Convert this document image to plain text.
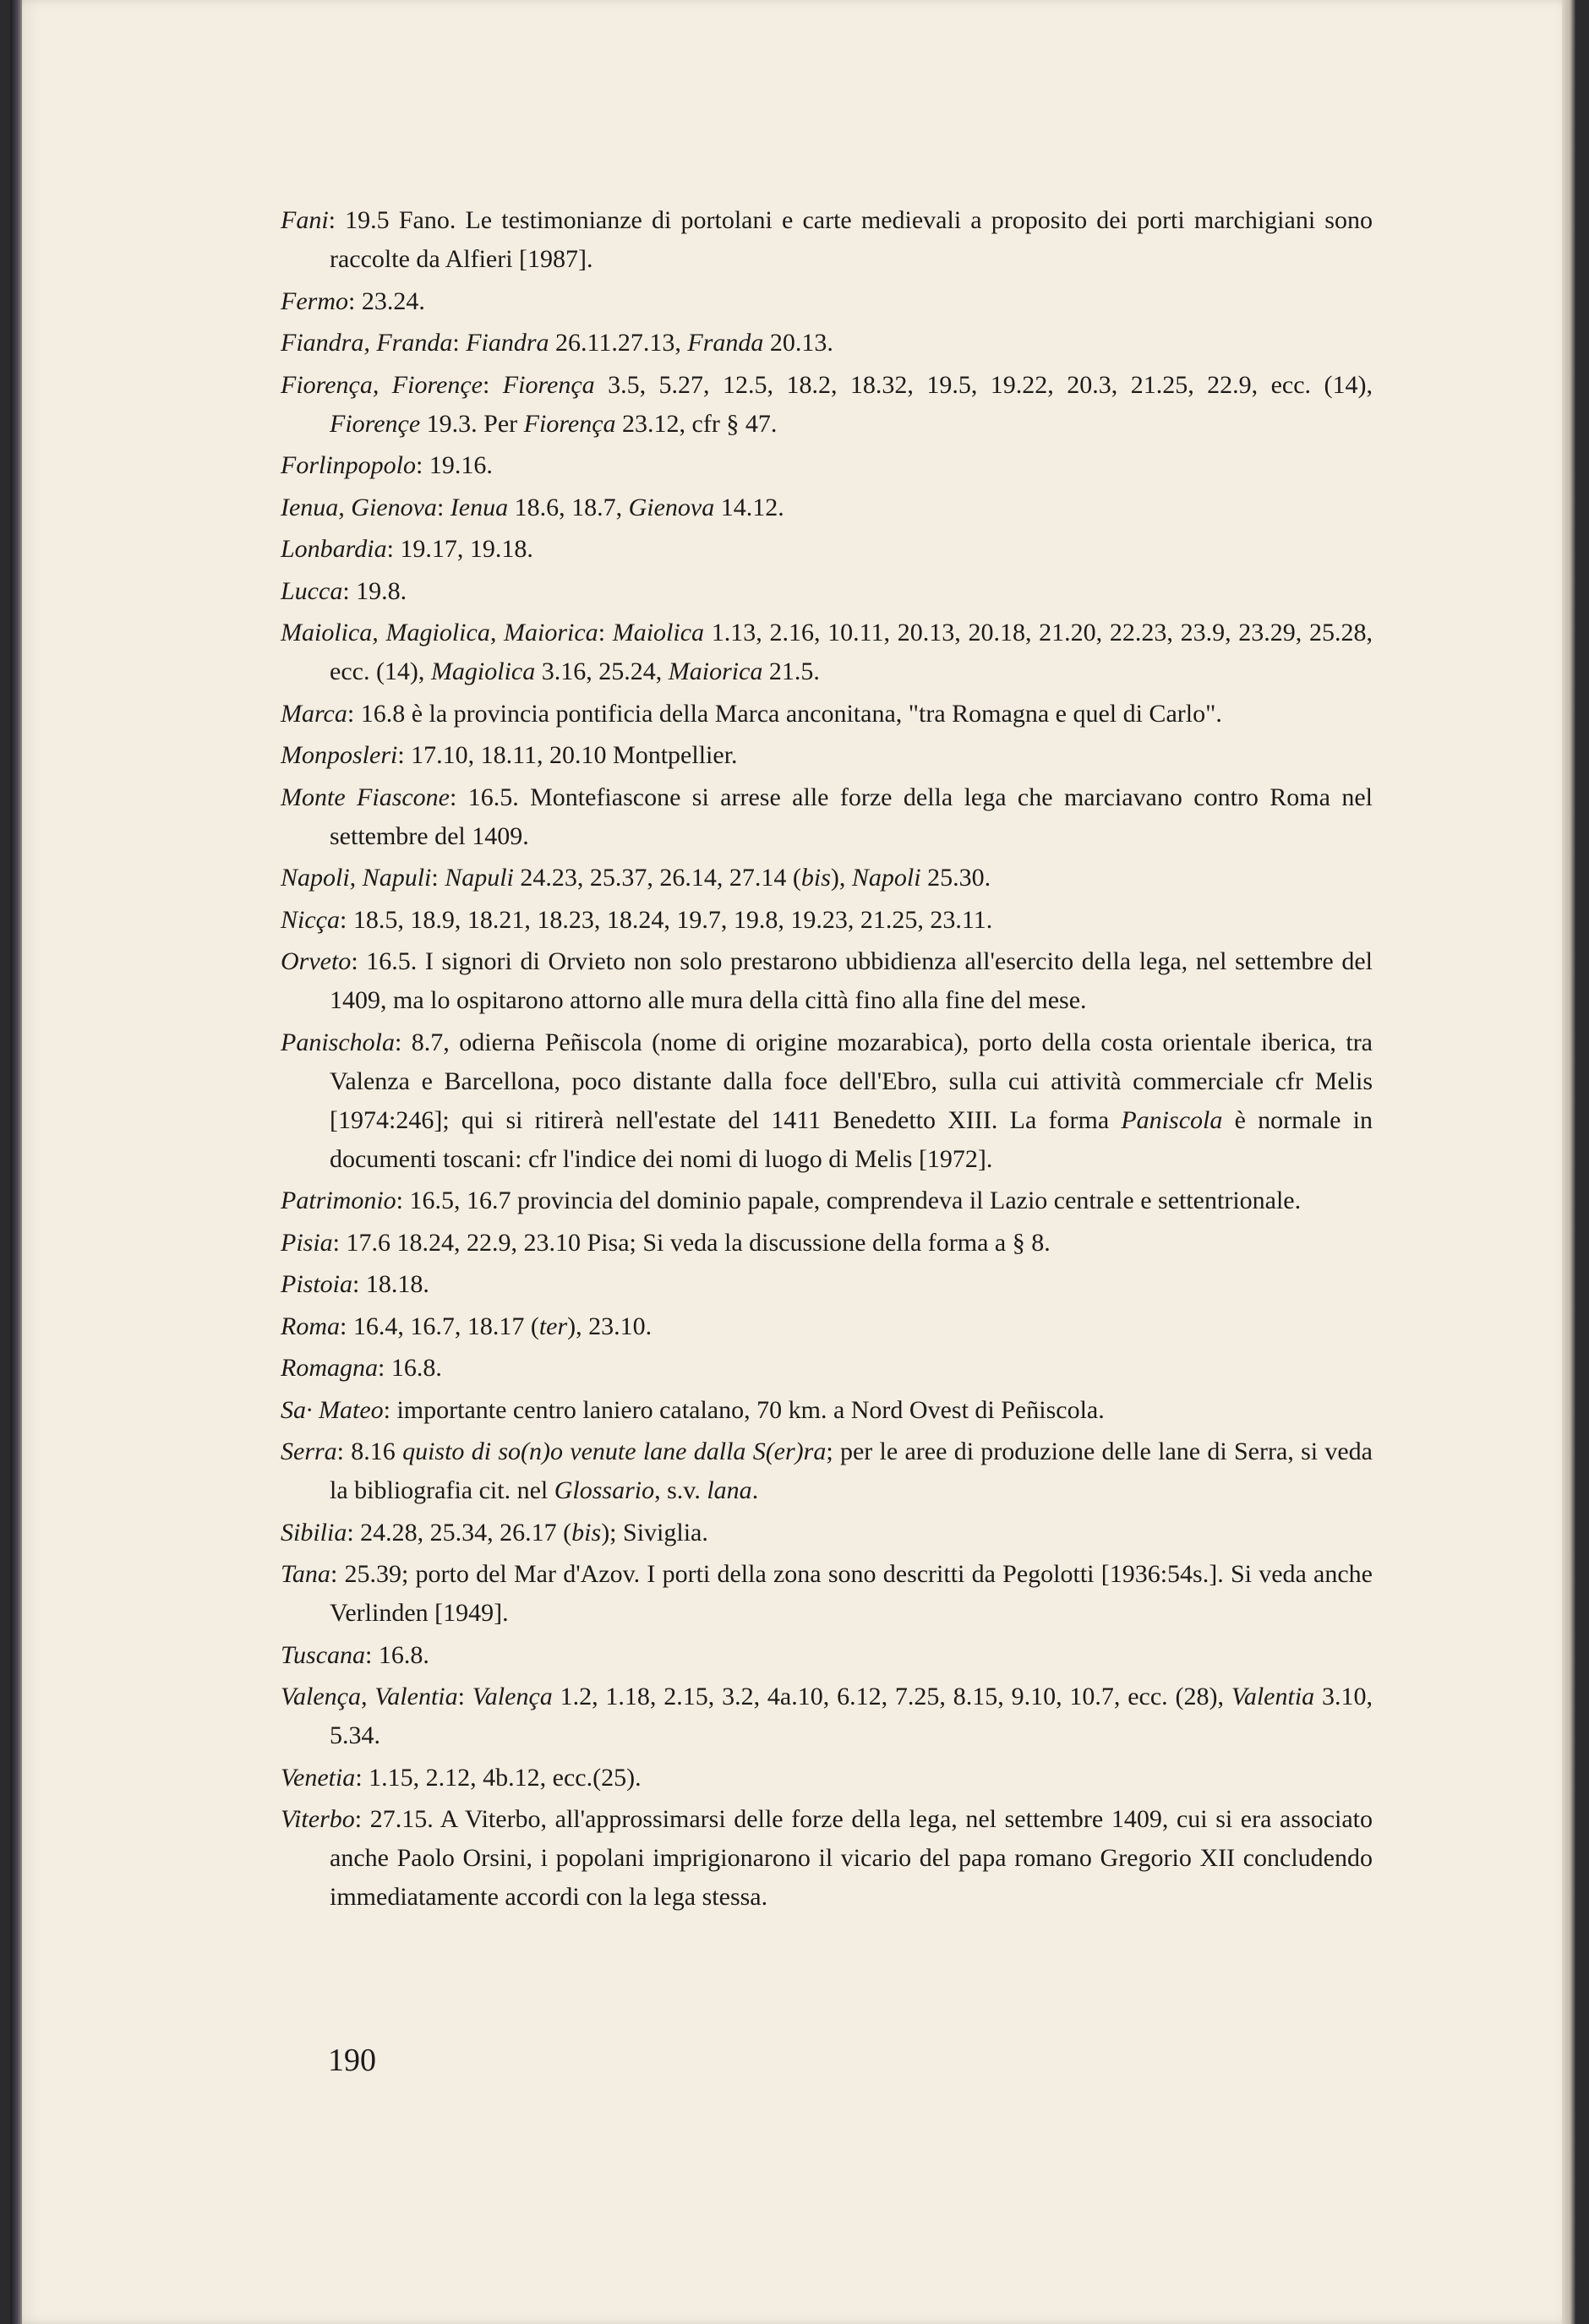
Fani: 19.5 Fano. Le testimonianze di portolani e carte medievali a proposito dei porti marchigiani sono raccolte da Alfieri [1987].

Fermo: 23.24.

Fiandra, Franda: Fiandra 26.11.27.13, Franda 20.13.

Fiorença, Fiorençe: Fiorença 3.5, 5.27, 12.5, 18.2, 18.32, 19.5, 19.22, 20.3, 21.25, 22.9, ecc. (14), Fiorençe 19.3. Per Fiorença 23.12, cfr § 47.

Forlinpopolo: 19.16.

Ienua, Gienova: Ienua 18.6, 18.7, Gienova 14.12.

Lonbardia: 19.17, 19.18.

Lucca: 19.8.

Maiolica, Magiolica, Maiorica: Maiolica 1.13, 2.16, 10.11, 20.13, 20.18, 21.20, 22.23, 23.9, 23.29, 25.28, ecc. (14), Magiolica 3.16, 25.24, Maiorica 21.5.

Marca: 16.8 è la provincia pontificia della Marca anconitana, "tra Romagna e quel di Carlo".

Monposleri: 17.10, 18.11, 20.10 Montpellier.

Monte Fiascone: 16.5. Montefiascone si arrese alle forze della lega che marciavano contro Roma nel settembre del 1409.

Napoli, Napuli: Napuli 24.23, 25.37, 26.14, 27.14 (bis), Napoli 25.30.

Nicça: 18.5, 18.9, 18.21, 18.23, 18.24, 19.7, 19.8, 19.23, 21.25, 23.11.

Orveto: 16.5. I signori di Orvieto non solo prestarono ubbidienza all'esercito della lega, nel settembre del 1409, ma lo ospitarono attorno alle mura della città fino alla fine del mese.

Panischola: 8.7, odierna Peñiscola (nome di origine mozarabica), porto della costa orientale iberica, tra Valenza e Barcellona, poco distante dalla foce dell'Ebro, sulla cui attività commerciale cfr Melis [1974:246]; qui si ritirerà nell'estate del 1411 Benedetto XIII. La forma Paniscola è normale in documenti toscani: cfr l'indice dei nomi di luogo di Melis [1972].

Patrimonio: 16.5, 16.7 provincia del dominio papale, comprendeva il Lazio centrale e settentrionale.

Pisia: 17.6 18.24, 22.9, 23.10 Pisa; Si veda la discussione della forma a § 8.

Pistoia: 18.18.

Roma: 16.4, 16.7, 18.17 (ter), 23.10.

Romagna: 16.8.

Sa· Mateo: importante centro laniero catalano, 70 km. a Nord Ovest di Peñiscola.

Serra: 8.16 quisto di so(n)o venute lane dalla S(er)ra; per le aree di produzione delle lane di Serra, si veda la bibliografia cit. nel Glossario, s.v. lana.

Sibilia: 24.28, 25.34, 26.17 (bis); Siviglia.

Tana: 25.39; porto del Mar d'Azov. I porti della zona sono descritti da Pegolotti [1936:54s.]. Si veda anche Verlinden [1949].

Tuscana: 16.8.

Valença, Valentia: Valença 1.2, 1.18, 2.15, 3.2, 4a.10, 6.12, 7.25, 8.15, 9.10, 10.7, ecc. (28), Valentia 3.10, 5.34.

Venetia: 1.15, 2.12, 4b.12, ecc.(25).

Viterbo: 27.15. A Viterbo, all'approssimarsi delle forze della lega, nel settembre 1409, cui si era associato anche Paolo Orsini, i popolani imprigionarono il vicario del papa romano Gregorio XII concludendo immediatamente accordi con la lega stessa.

190
